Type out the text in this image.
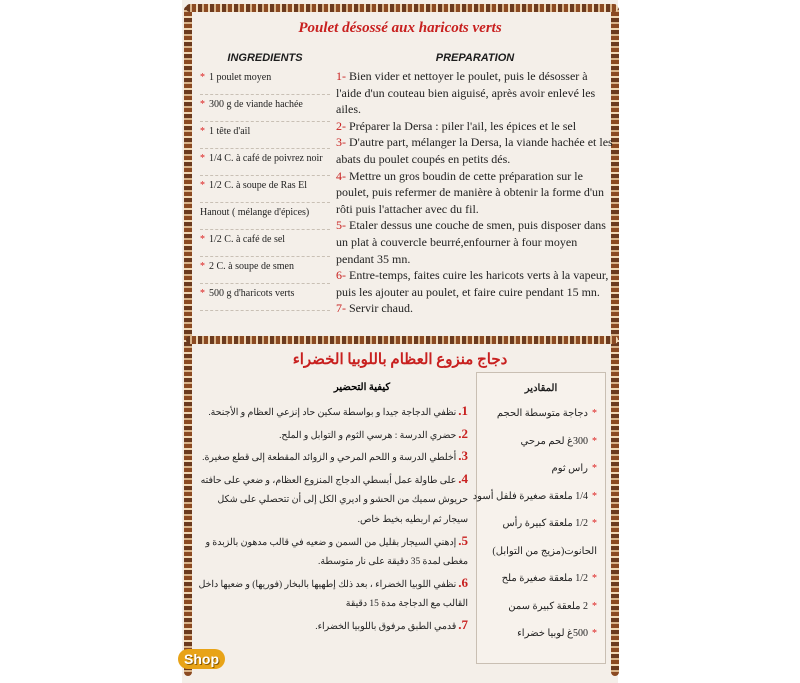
Poulet désossé aux haricots verts
INGREDIENTS
* 1 poulet moyen
* 300 g de viande hachée
* 1 tête d'ail
* 1/4 C. à café de poivrez noir
* 1/2 C. à soupe de Ras El
Hanout ( mélange d'épices)
* 1/2 C. à café de sel
* 2 C. à soupe de smen
* 500 g d'haricots verts
PREPARATION
1- Bien vider et nettoyer le poulet, puis le désosser à l'aide d'un couteau bien aiguisé, après avoir enlevé les ailes.
2- Préparer la Dersa : piler l'ail, les épices et le sel
3- D'autre part, mélanger la Dersa, la viande hachée et les abats du poulet coupés en petits dés.
4- Mettre un gros boudin de cette préparation sur le poulet, puis refermer de manière à obtenir la forme d'un rôti puis l'attacher avec du fil.
5- Etaler dessus une couche de smen, puis disposer dans un plat à couvercle beurré,enfourner à four moyen pendant 35 mn.
6- Entre-temps, faites cuire les haricots verts à la vapeur, puis les ajouter au poulet, et faire cuire pendant 15 mn.
7- Servir chaud.
دجاج منزوع العظام باللوبيا الخضراء
المقادير
*دجاجة متوسطة الحجم
*300غ لحم مرحي
*راس ثوم
*1/4 ملعقة صغيرة فلفل أسود
*1/2 ملعقة كبيرة رأس
الحانوت(مزيج من التوابل)
*1/2 ملعقة صغيرة ملح
*2 ملعقة كبيرة سمن
*500غ لوبيا خضراء
كيفية التحضير
1.نظفي الدجاجة جيدا و بواسطة سكين حاد إنزعي العظام و الأجنحة.
2.حضري الدرسة : هرسي الثوم و التوابل و الملح.
3.أخلطي الدرسة و اللحم المرحي و الزوائد المقطعة إلى قطع صغيرة.
4.على طاولة عمل أبسطي الدجاج المنزوع العظام، و ضعي على حافته حريوش سميك من الحشو و اديري الكل إلى أن تتحصلي على شكل سيجار ثم اربطيه بخيط خاص.
5.إدهني السيجار بقليل من السمن و ضعيه في قالب مدهون بالزبدة و مغطى لمدة 35 دقيقة على نار متوسطة.
6.نظفي اللوبيا الخضراء ، بعد ذلك إطهيها بالبخار (فوريها) و ضعيها داخل القالب مع الدجاجة مدة 15 دقيقة
7.قدمي الطبق مرفوق باللوبيا الخضراء.
Shop
